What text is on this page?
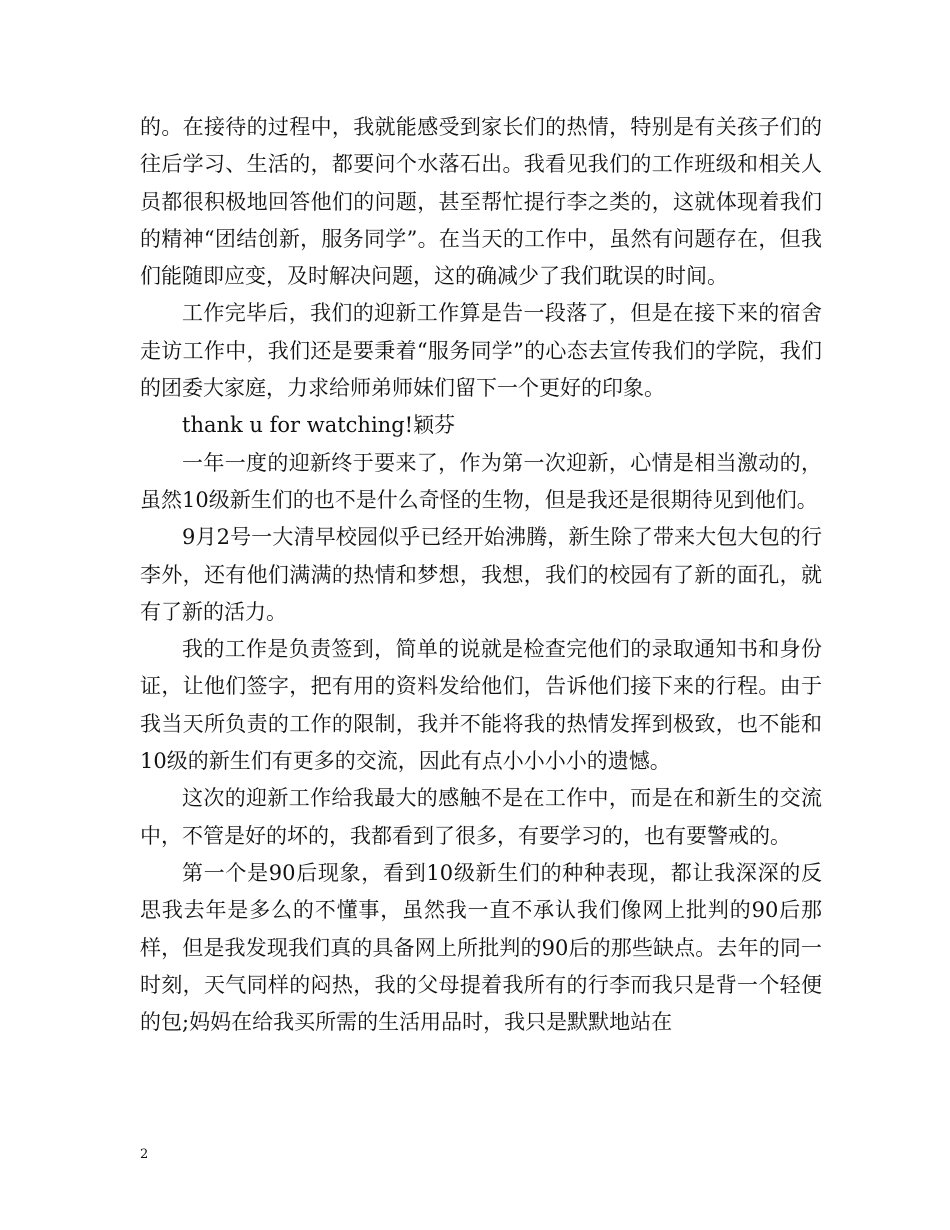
的。在接待的过程中，我就能感受到家长们的热情，特别是有关孩子们的往后学习、生活的，都要问个水落石出。我看见我们的工作班级和相关人员都很积极地回答他们的问题，甚至帮忙提行李之类的，这就体现着我们的精神“团结创新，服务同学”。在当天的工作中，虽然有问题存在，但我们能随即应变，及时解决问题，这的确减少了我们耽误的时间。

工作完毕后，我们的迎新工作算是告一段落了，但是在接下来的宿舍走访工作中，我们还是要秉着“服务同学”的心态去宣传我们的学院，我们的团委大家庭，力求给师弟师妹们留下一个更好的印象。

thank u for watching!颖芬

一年一度的迎新终于要来了，作为第一次迎新，心情是相当激动的，虽然10级新生们的也不是什么奇怪的生物，但是我还是很期待见到他们。

9月2号一大清早校园似乎已经开始沸腾，新生除了带来大包大包的行李外，还有他们满满的热情和梦想，我想，我们的校园有了新的面孔，就有了新的活力。

我的工作是负责签到，简单的说就是检查完他们的录取通知书和身份证，让他们签字，把有用的资料发给他们，告诉他们接下来的行程。由于我当天所负责的工作的限制，我并不能将我的热情发挥到极致，也不能和10级的新生们有更多的交流，因此有点小小小小的遗憾。

这次的迎新工作给我最大的感触不是在工作中，而是在和新生的交流中，不管是好的坏的，我都看到了很多，有要学习的，也有要警戒的。

第一个是90后现象，看到10级新生们的种种表现，都让我深深的反思我去年是多么的不懂事，虽然我一直不承认我们像网上批判的90后那样，但是我发现我们真的具备网上所批判的90后的那些缺点。去年的同一时刻，天气同样的闷热，我的父母提着我所有的行李而我只是背一个轻便的包;妈妈在给我买所需的生活用品时，我只是默默地站在

2
